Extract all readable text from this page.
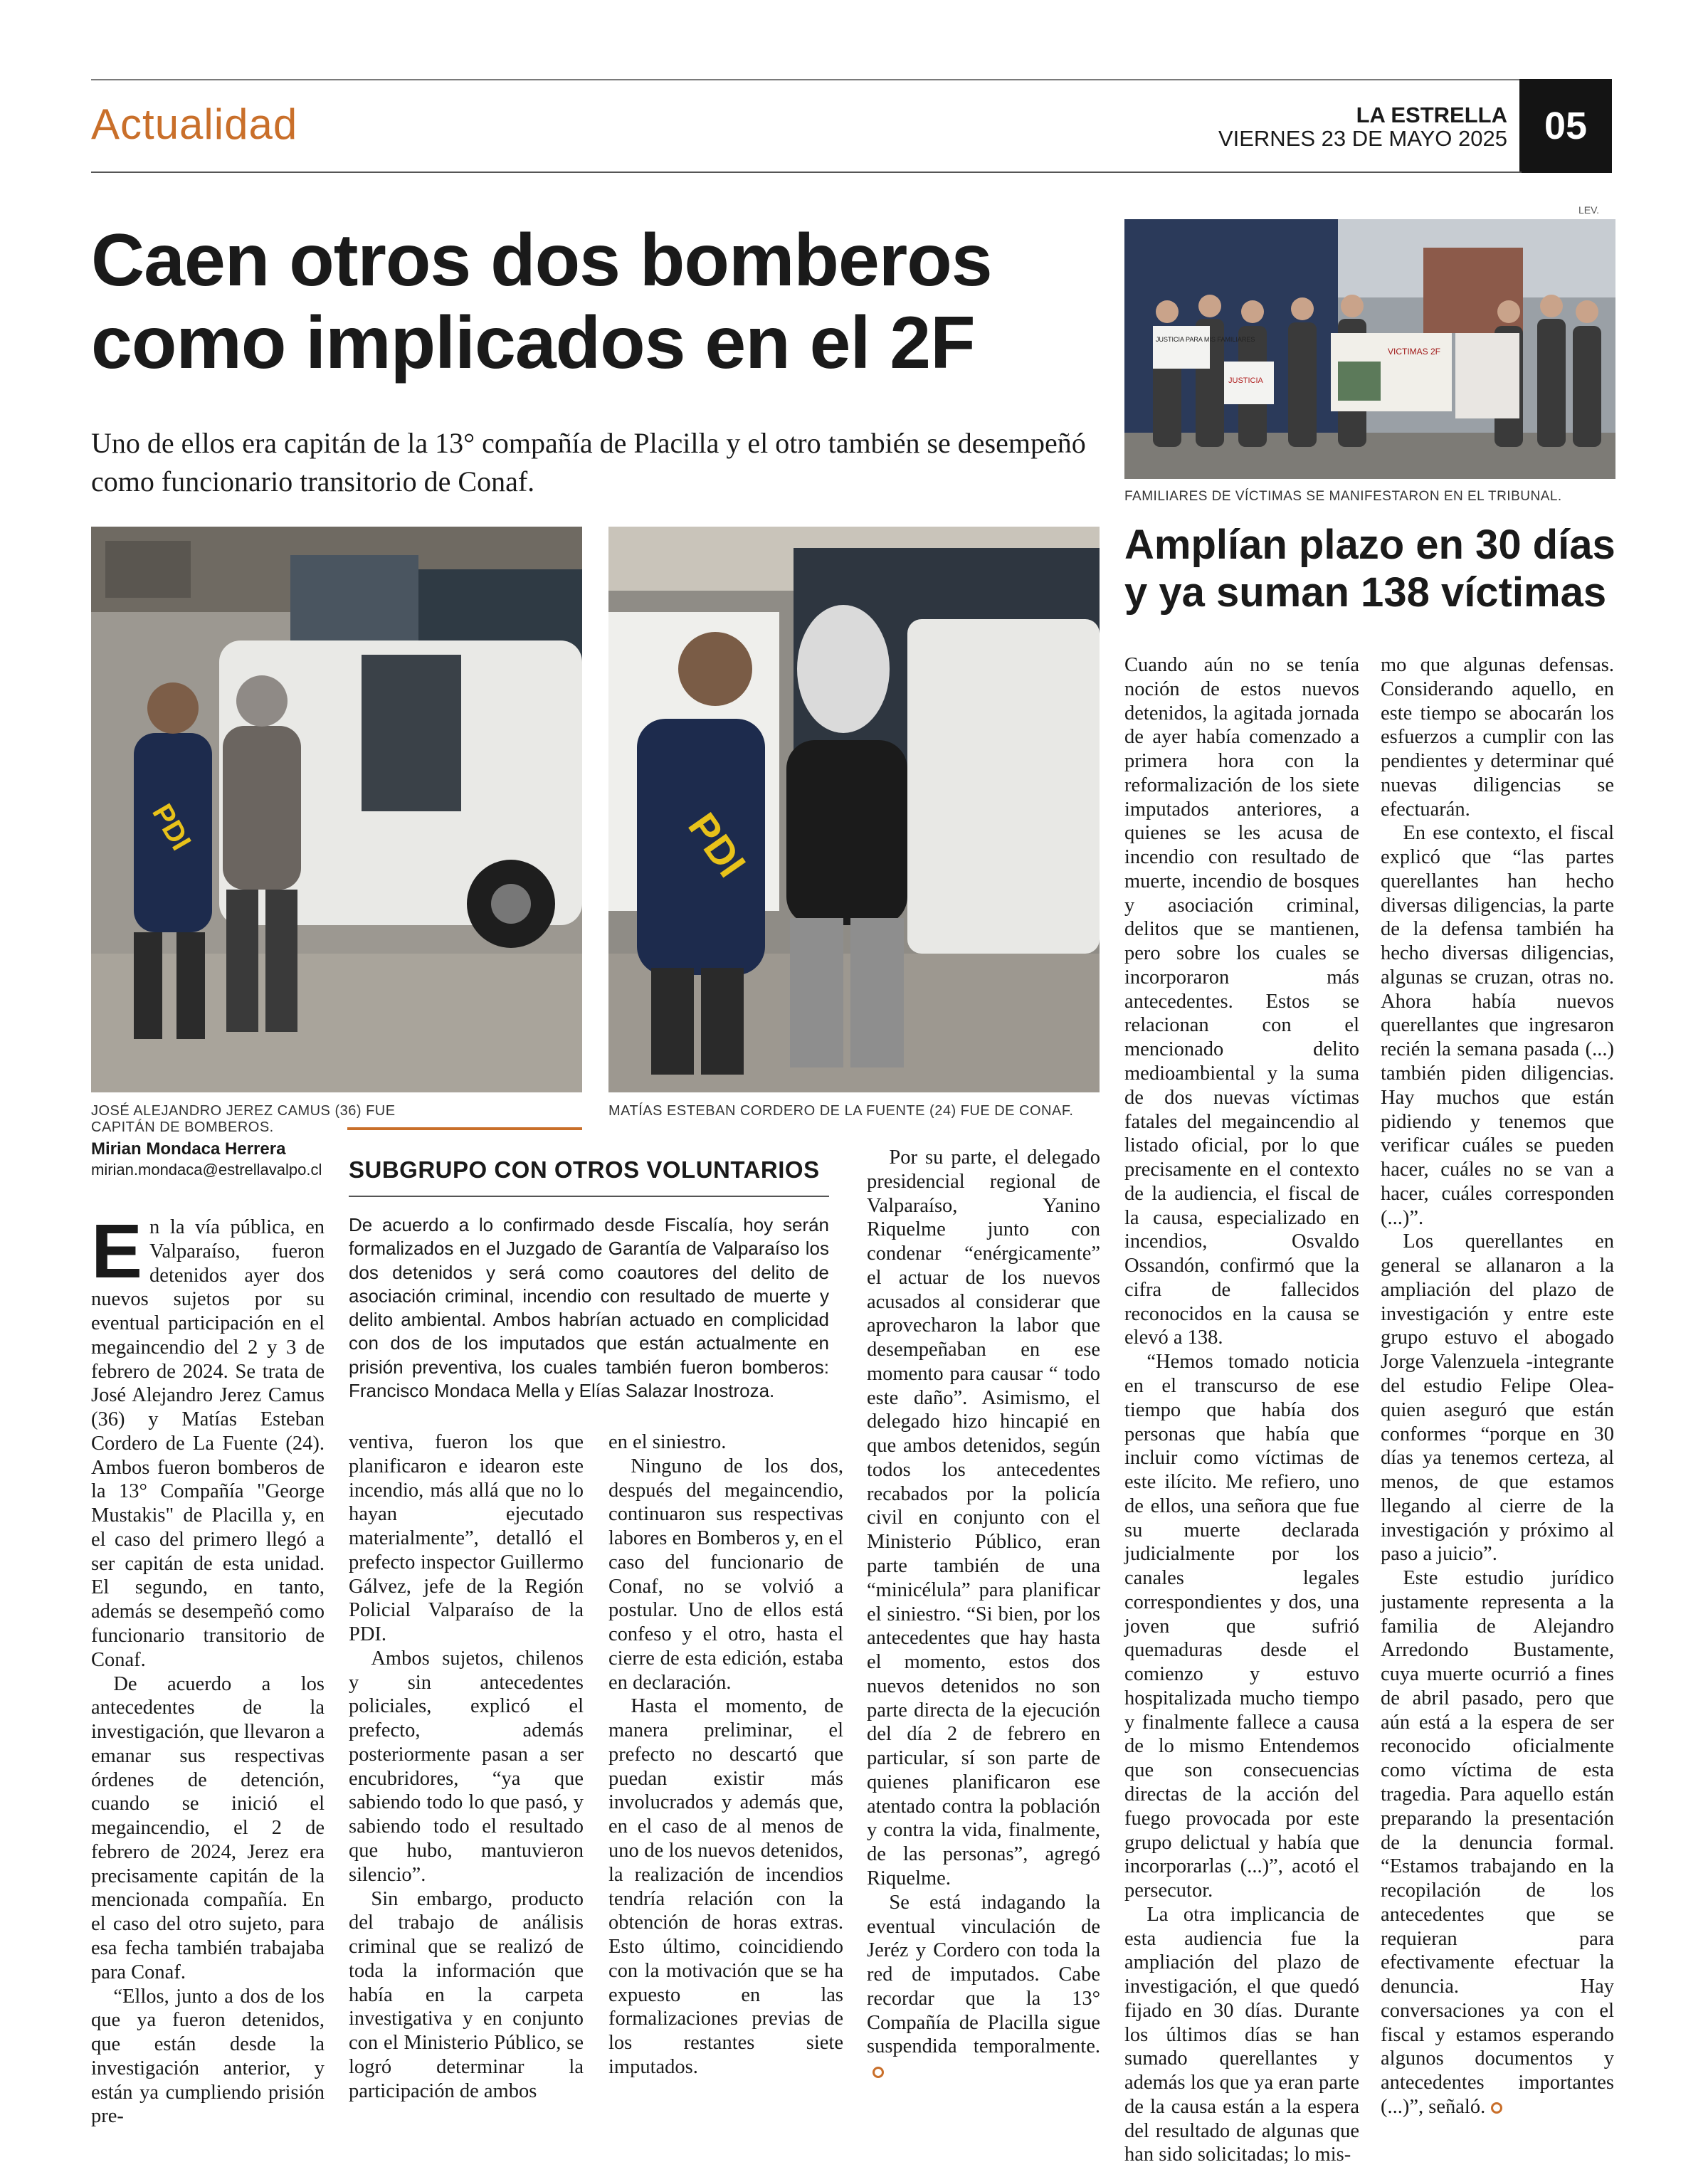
Actualidad	LA ESTRELLA
VIERNES 23 DE MAYO 2025 05
Caen otros dos bomberos como implicados en el 2F
Uno de ellos era capitán de la 13° compañía de Placilla y el otro también se desempeñó como funcionario transitorio de Conaf.
PDI
JOSÉ ALEJANDRO JEREZ CAMUS (36) FUE CAPITÁN DE BOMBEROS.
PDI
MATÍAS ESTEBAN CORDERO DE LA FUENTE (24) FUE DE CONAF.
Mirian Mondaca Herrera
mirian.mondaca@estrellavalpo.cl SUBGRUPO CON OTROS VOLUNTARIOS
De acuerdo a lo confirmado desde Fiscalía, hoy serán formalizados en el Juzgado de Garantía de Valparaíso los dos detenidos y será como coautores del delito de asociación criminal, incendio con resultado de muerte y delito ambiental. Ambos habrían actuado en complicidad con dos de los imputados que están actualmente en prisión preventiva, los cuales también fueron bomberos: Francisco Mondaca Mella y Elías Salazar Inostroza.

En la vía pública, en Valparaíso, fueron detenidos ayer dos nuevos sujetos por su eventual participación en el megaincendio del 2 y 3 de febrero de 2024. Se trata de José Alejandro Jerez Camus (36) y Matías Esteban Cordero de La Fuente (24). Ambos fueron bomberos de la 13° Compañía "George Mustakis" de Placilla y, en el caso del primero llegó a ser capitán de esta unidad. El segundo, en tanto, además se desempeñó como funcionario transitorio de Conaf.

De acuerdo a los antecedentes de la investigación, que llevaron a emanar sus respectivas órdenes de detención, cuando se inició el megaincendio, el 2 de febrero de 2024, Jerez era precisamente capitán de la mencionada compañía. En el caso del otro sujeto, para esa fecha también trabajaba para Conaf.

“Ellos, junto a dos de los que ya fueron detenidos, que están desde la investigación anterior, y están ya cumpliendo prisión pre-

ventiva, fueron los que planificaron e idearon este incendio, más allá que no lo hayan ejecutado materialmente”, detalló el prefecto inspector Guillermo Gálvez, jefe de la Región Policial Valparaíso de la PDI.

Ambos sujetos, chilenos y sin antecedentes policiales, explicó el prefecto, además posteriormente pasan a ser encubridores, “ya que sabiendo todo lo que pasó, y sabiendo todo el resultado que hubo, mantuvieron silencio”.

Sin embargo, producto del trabajo de análisis criminal que se realizó de toda la información que había en la carpeta investigativa y en conjunto con el Ministerio Público, se logró determinar la participación de ambos

en el siniestro.

Ninguno de los dos, después del megaincendio, continuaron sus respectivas labores en Bomberos y, en el caso del funcionario de Conaf, no se volvió a postular. Uno de ellos está confeso y el otro, hasta el cierre de esta edición, estaba en declaración.

Hasta el momento, de manera preliminar, el prefecto no descartó que puedan existir más involucrados y además que, en el caso de al menos de uno de los nuevos detenidos, la realización de incendios tendría relación con la obtención de horas extras. Esto último, coincidiendo con la motivación que se ha expuesto en las formalizaciones previas de los restantes siete imputados.

Por su parte, el delegado presidencial regional de Valparaíso, Yanino Riquelme junto con condenar “enérgicamente” el actuar de los nuevos acusados al considerar que aprovecharon la labor que desempeñaban en ese momento para causar “ todo este daño”. Asimismo, el delegado hizo hincapié en que ambos detenidos, según todos los antecedentes recabados por la policía civil en conjunto con el Ministerio Público, eran parte también de una “minicélula” para planificar el siniestro. “Si bien, por los antecedentes que hay hasta el momento, estos dos nuevos detenidos no son parte directa de la ejecución del día 2 de febrero en particular, sí son parte de quienes planificaron ese atentado contra la población y contra la vida, finalmente, de las personas”, agregó Riquelme.

Se está indagando la eventual vinculación de Jeréz y Cordero con toda la red de imputados. Cabe recordar que la 13° Compañía de Placilla sigue suspendida temporalmente.

LEV.
JUSTICIA PARA MIS FAMILIARES
JUSTICIA
VICTIMAS 2F
FAMILIARES DE VÍCTIMAS SE MANIFESTARON EN EL TRIBUNAL.
Amplían plazo en 30 días y ya suman 138 víctimas

Cuando aún no se tenía noción de estos nuevos detenidos, la agitada jornada de ayer había comenzado a primera hora con la reformalización de los siete imputados anteriores, a quienes se les acusa de incendio con resultado de muerte, incendio de bosques y asociación criminal, delitos que se mantienen, pero sobre los cuales se incorporaron más antecedentes. Estos se relacionan con el mencionado delito medioambiental y la suma de dos nuevas víctimas fatales del megaincendio al listado oficial, por lo que precisamente en el contexto de la audiencia, el fiscal de la causa, especializado en incendios, Osvaldo Ossandón, confirmó que la cifra de fallecidos reconocidos en la causa se elevó a 138.

“Hemos tomado noticia en el transcurso de ese tiempo que había dos personas que había que incluir como víctimas de este ilícito. Me refiero, uno de ellos, una señora que fue su muerte declarada judicialmente por los canales legales correspondientes y dos, una joven que sufrió quemaduras desde el comienzo y estuvo hospitalizada mucho tiempo y finalmente fallece a causa de lo mismo Entendemos que son consecuencias directas de la acción del fuego provocada por este grupo delictual y había que incorporarlas (...)”, acotó el persecutor.

La otra implicancia de esta audiencia fue la ampliación del plazo de investigación, el que quedó fijado en 30 días. Durante los últimos días se han sumado querellantes y además los que ya eran parte de la causa están a la espera del resultado de algunas que han sido solicitadas; lo mis-

mo que algunas defensas. Considerando aquello, en este tiempo se abocarán los esfuerzos a cumplir con las pendientes y determinar qué nuevas diligencias se efectuarán.

En ese contexto, el fiscal explicó que “las partes querellantes han hecho diversas diligencias, la parte de la defensa también ha hecho diversas diligencias, algunas se cruzan, otras no. Ahora había nuevos querellantes que ingresaron recién la semana pasada (...) también piden diligencias. Hay muchos que están pidiendo y tenemos que verificar cuáles se pueden hacer, cuáles no se van a hacer, cuáles corresponden (...)”.

Los querellantes en general se allanaron a la ampliación del plazo de investigación y entre este grupo estuvo el abogado Jorge Valenzuela -integrante del estudio Felipe Olea- quien aseguró que están conformes “porque en 30 días ya tenemos certeza, al menos, de que estamos llegando al cierre de la investigación y próximo al paso a juicio”.

Este estudio jurídico justamente representa a la familia de Alejandro Arredondo Bustamente, cuya muerte ocurrió a fines de abril pasado, pero que aún está a la espera de ser reconocido oficialmente como víctima de esta tragedia. Para aquello están preparando la presentación de la denuncia formal. “Estamos trabajando en la recopilación de los antecedentes que se requieran para efectivamente efectuar la denuncia. Hay conversaciones ya con el fiscal y estamos esperando algunos documentos y antecedentes importantes (...)”, señaló.
